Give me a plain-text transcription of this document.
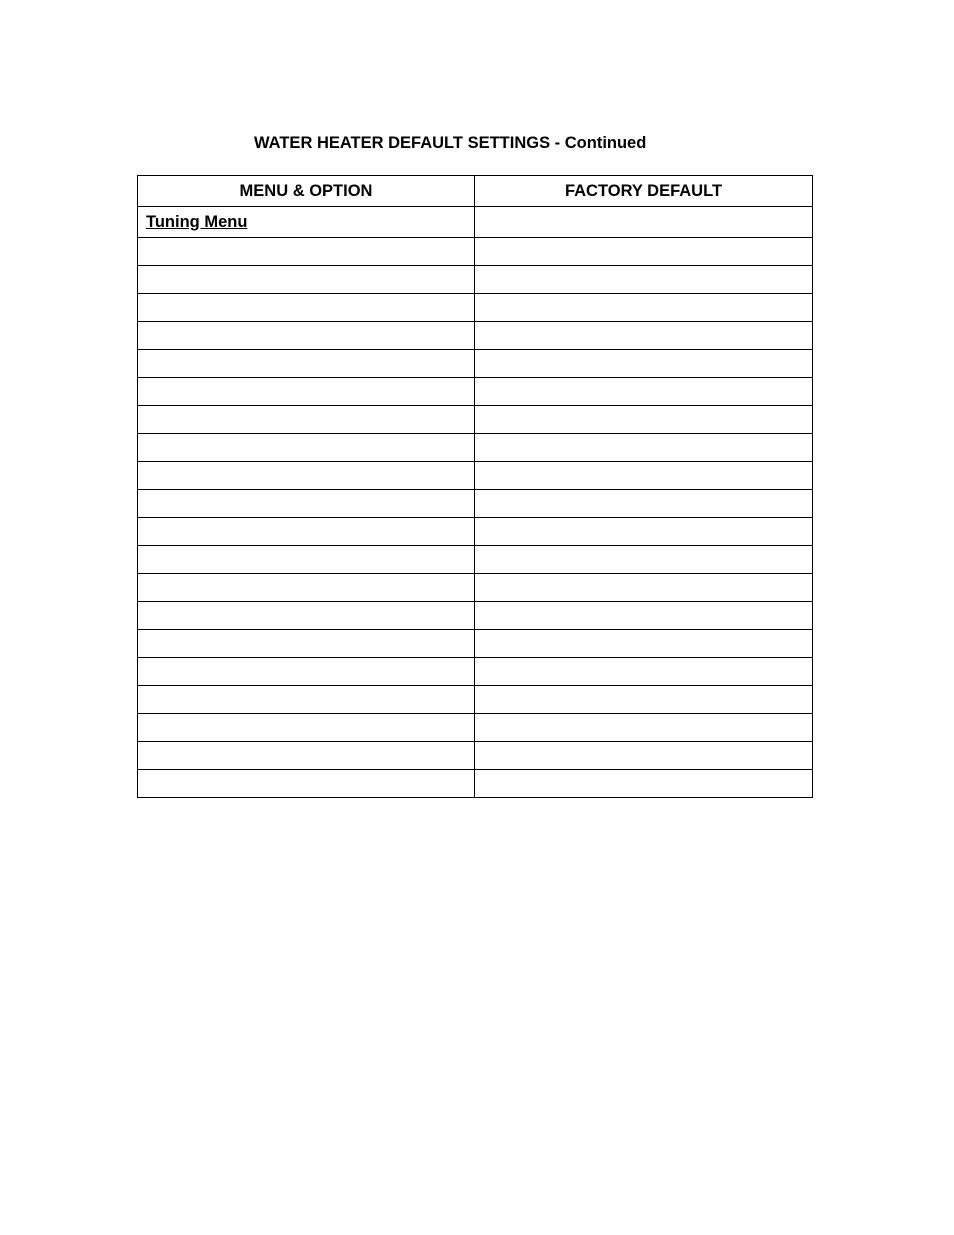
WATER HEATER DEFAULT SETTINGS - Continued
MENU & OPTION	FACTORY DEFAULT
Tuning Menu	
